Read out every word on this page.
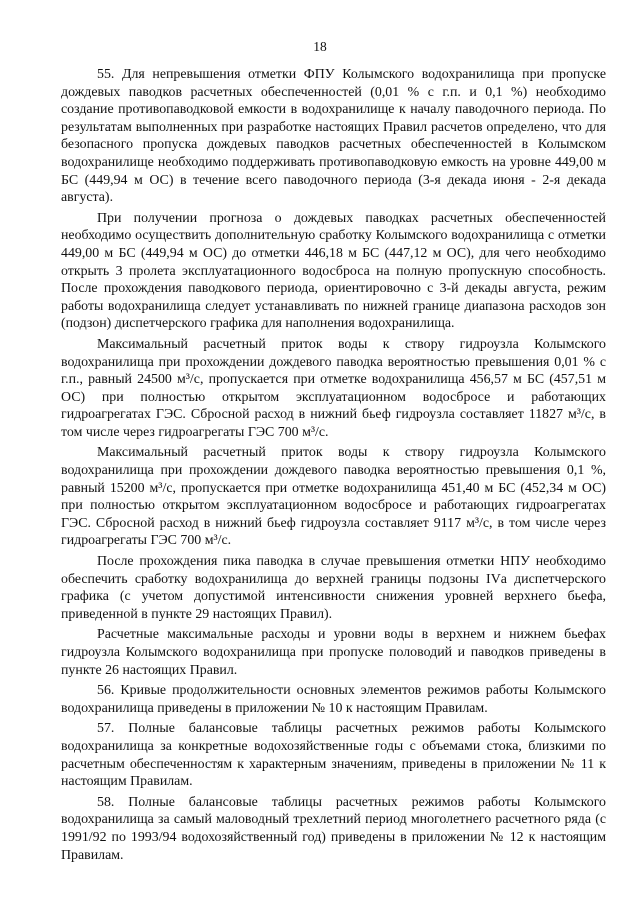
18

55. Для непревышения отметки ФПУ Колымского водохранилища при пропуске дождевых паводков расчетных обеспеченностей (0,01 % с г.п. и 0,1 %) необходимо создание противопаводковой емкости в водохранилище к началу паводочного периода. По результатам выполненных при разработке настоящих Правил расчетов определено, что для безопасного пропуска дождевых паводков расчетных обеспеченностей в Колымском водохранилище необходимо поддерживать противопаводковую емкость на уровне 449,00 м БС (449,94 м ОС) в течение всего паводочного периода (3-я декада июня - 2-я декада августа).

При получении прогноза о дождевых паводках расчетных обеспеченностей необходимо осуществить дополнительную сработку Колымского водохранилища с отметки 449,00 м БС (449,94 м ОС) до отметки 446,18 м БС (447,12 м ОС), для чего необходимо открыть 3 пролета эксплуатационного водосброса на полную пропускную способность. После прохождения паводкового периода, ориентировочно с 3-й декады августа, режим работы водохранилища следует устанавливать по нижней границе диапазона расходов зон (подзон) диспетчерского графика для наполнения водохранилища.

Максимальный расчетный приток воды к створу гидроузла Колымского водохранилища при прохождении дождевого паводка вероятностью превышения 0,01 % с г.п., равный 24500 м³/с, пропускается при отметке водохранилища 456,57 м БС (457,51 м ОС) при полностью открытом эксплуатационном водосбросе и работающих гидроагрегатах ГЭС. Сбросной расход в нижний бьеф гидроузла составляет 11827 м³/с, в том числе через гидроагрегаты ГЭС 700 м³/с.

Максимальный расчетный приток воды к створу гидроузла Колымского водохранилища при прохождении дождевого паводка вероятностью превышения 0,1 %, равный 15200 м³/с, пропускается при отметке водохранилища 451,40 м БС (452,34 м ОС) при полностью открытом эксплуатационном водосбросе и работающих гидроагрегатах ГЭС. Сбросной расход в нижний бьеф гидроузла составляет 9117 м³/с, в том числе через гидроагрегаты ГЭС 700 м³/с.

После прохождения пика паводка в случае превышения отметки НПУ необходимо обеспечить сработку водохранилища до верхней границы подзоны IVа диспетчерского графика (с учетом допустимой интенсивности снижения уровней верхнего бьефа, приведенной в пункте 29 настоящих Правил).

Расчетные максимальные расходы и уровни воды в верхнем и нижнем бьефах гидроузла Колымского водохранилища при пропуске половодий и паводков приведены в пункте 26 настоящих Правил.

56. Кривые продолжительности основных элементов режимов работы Колымского водохранилища приведены в приложении № 10 к настоящим Правилам.

57. Полные балансовые таблицы расчетных режимов работы Колымского водохранилища за конкретные водохозяйственные годы с объемами стока, близкими по расчетным обеспеченностям к характерным значениям, приведены в приложении № 11 к настоящим Правилам.

58. Полные балансовые таблицы расчетных режимов работы Колымского водохранилища за самый маловодный трехлетний период многолетнего расчетного ряда (с 1991/92 по 1993/94 водохозяйственный год) приведены в приложении № 12 к настоящим Правилам.
